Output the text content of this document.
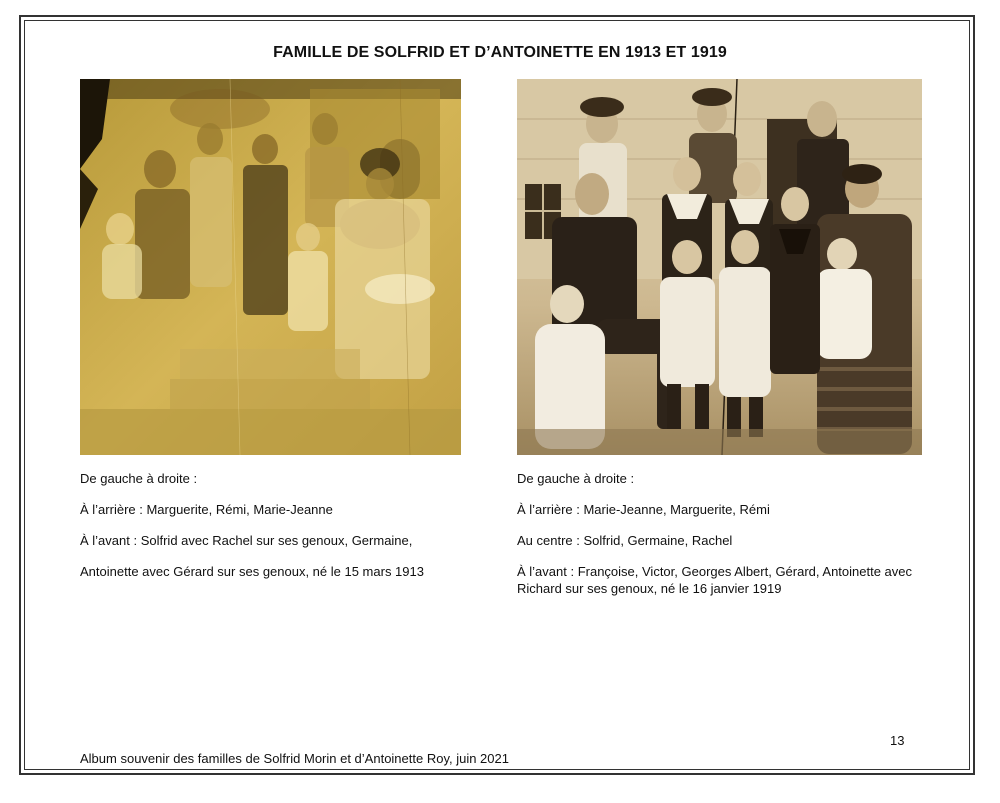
FAMILLE DE SOLFRID ET D’ANTOINETTE EN 1913 ET 1919

De gauche à droite :

À l’arrière : Marguerite, Rémi, Marie-Jeanne

À l’avant : Solfrid avec Rachel sur ses genoux, Germaine,

Antoinette avec Gérard sur ses genoux, né le 15 mars 1913

De gauche à droite :

À l’arrière : Marie-Jeanne, Marguerite, Rémi

Au centre : Solfrid, Germaine, Rachel

À l’avant : Françoise, Victor, Georges Albert, Gérard, Antoinette avec Richard sur ses genoux, né le 16 janvier 1919

13
Album souvenir des familles de Solfrid Morin et d’Antoinette Roy, juin 2021
